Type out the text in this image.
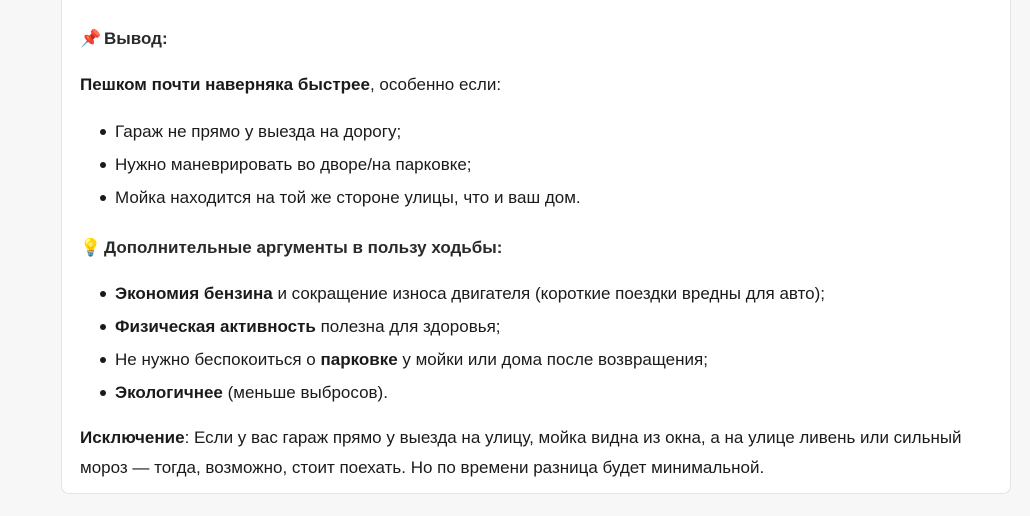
📌 Вывод:
Пешком почти наверняка быстрее, особенно если:
Гараж не прямо у выезда на дорогу;
Нужно маневрировать во дворе/на парковке;
Мойка находится на той же стороне улицы, что и ваш дом.
💡 Дополнительные аргументы в пользу ходьбы:
Экономия бензина и сокращение износа двигателя (короткие поездки вредны для авто);
Физическая активность полезна для здоровья;
Не нужно беспокоиться о парковке у мойки или дома после возвращения;
Экологичнее (меньше выбросов).
Исключение: Если у вас гараж прямо у выезда на улицу, мойка видна из окна, а на улице ливень или сильный мороз — тогда, возможно, стоит поехать. Но по времени разница будет минимальной.
